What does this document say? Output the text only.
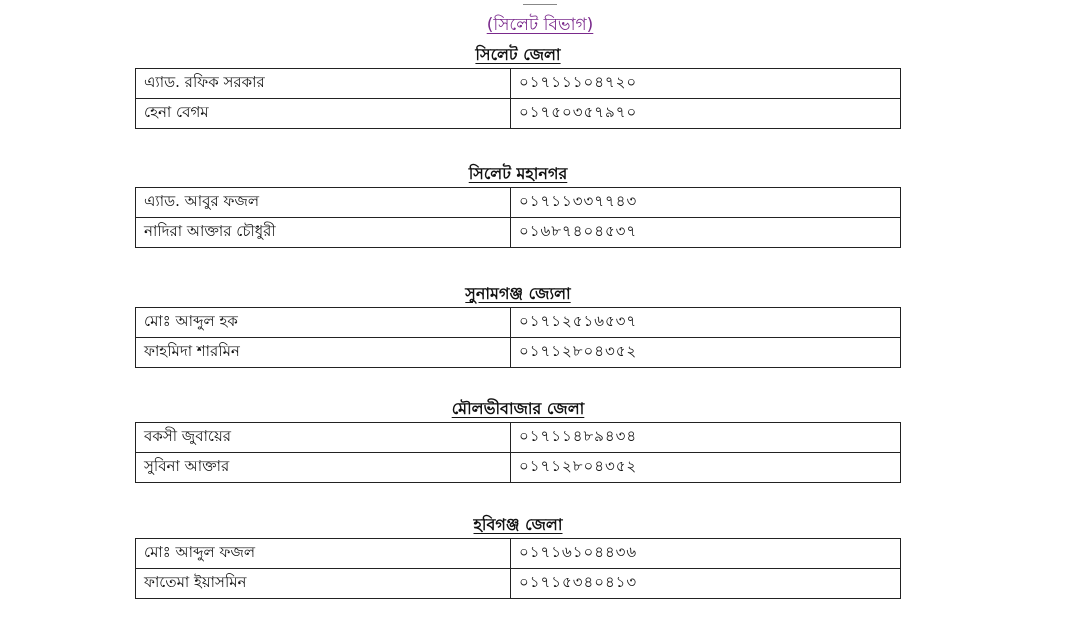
(সিলেট বিভাগ)
সিলেট জেলা
এ্যাড. রফিক সরকার	০১৭১১১০৪৭২০
হেনা বেগম	০১৭৫০৩৫৭৯৭০
সিলেট মহানগর
এ্যাড. আবুর ফজল	০১৭১১৩৩৭৭৪৩
নাদিরা আক্তার চৌধুরী	০১৬৮৭৪০৪৫৩৭
সুনামগঞ্জ জ্যেলা
মোঃ আব্দুল হক	০১৭১২৫১৬৫৩৭
ফাহমিদা শারমিন	০১৭১২৮০৪৩৫২
মৌলভীবাজার জেলা
বকসী জুবায়ের	০১৭১১৪৮৯৪৩৪
সুবিনা আক্তার	০১৭১২৮০৪৩৫২
হবিগঞ্জ জেলা
মোঃ আব্দুল ফজল	০১৭১৬১০৪৪৩৬
ফাতেমা ইয়াসমিন	০১৭১৫৩৪০৪১৩
